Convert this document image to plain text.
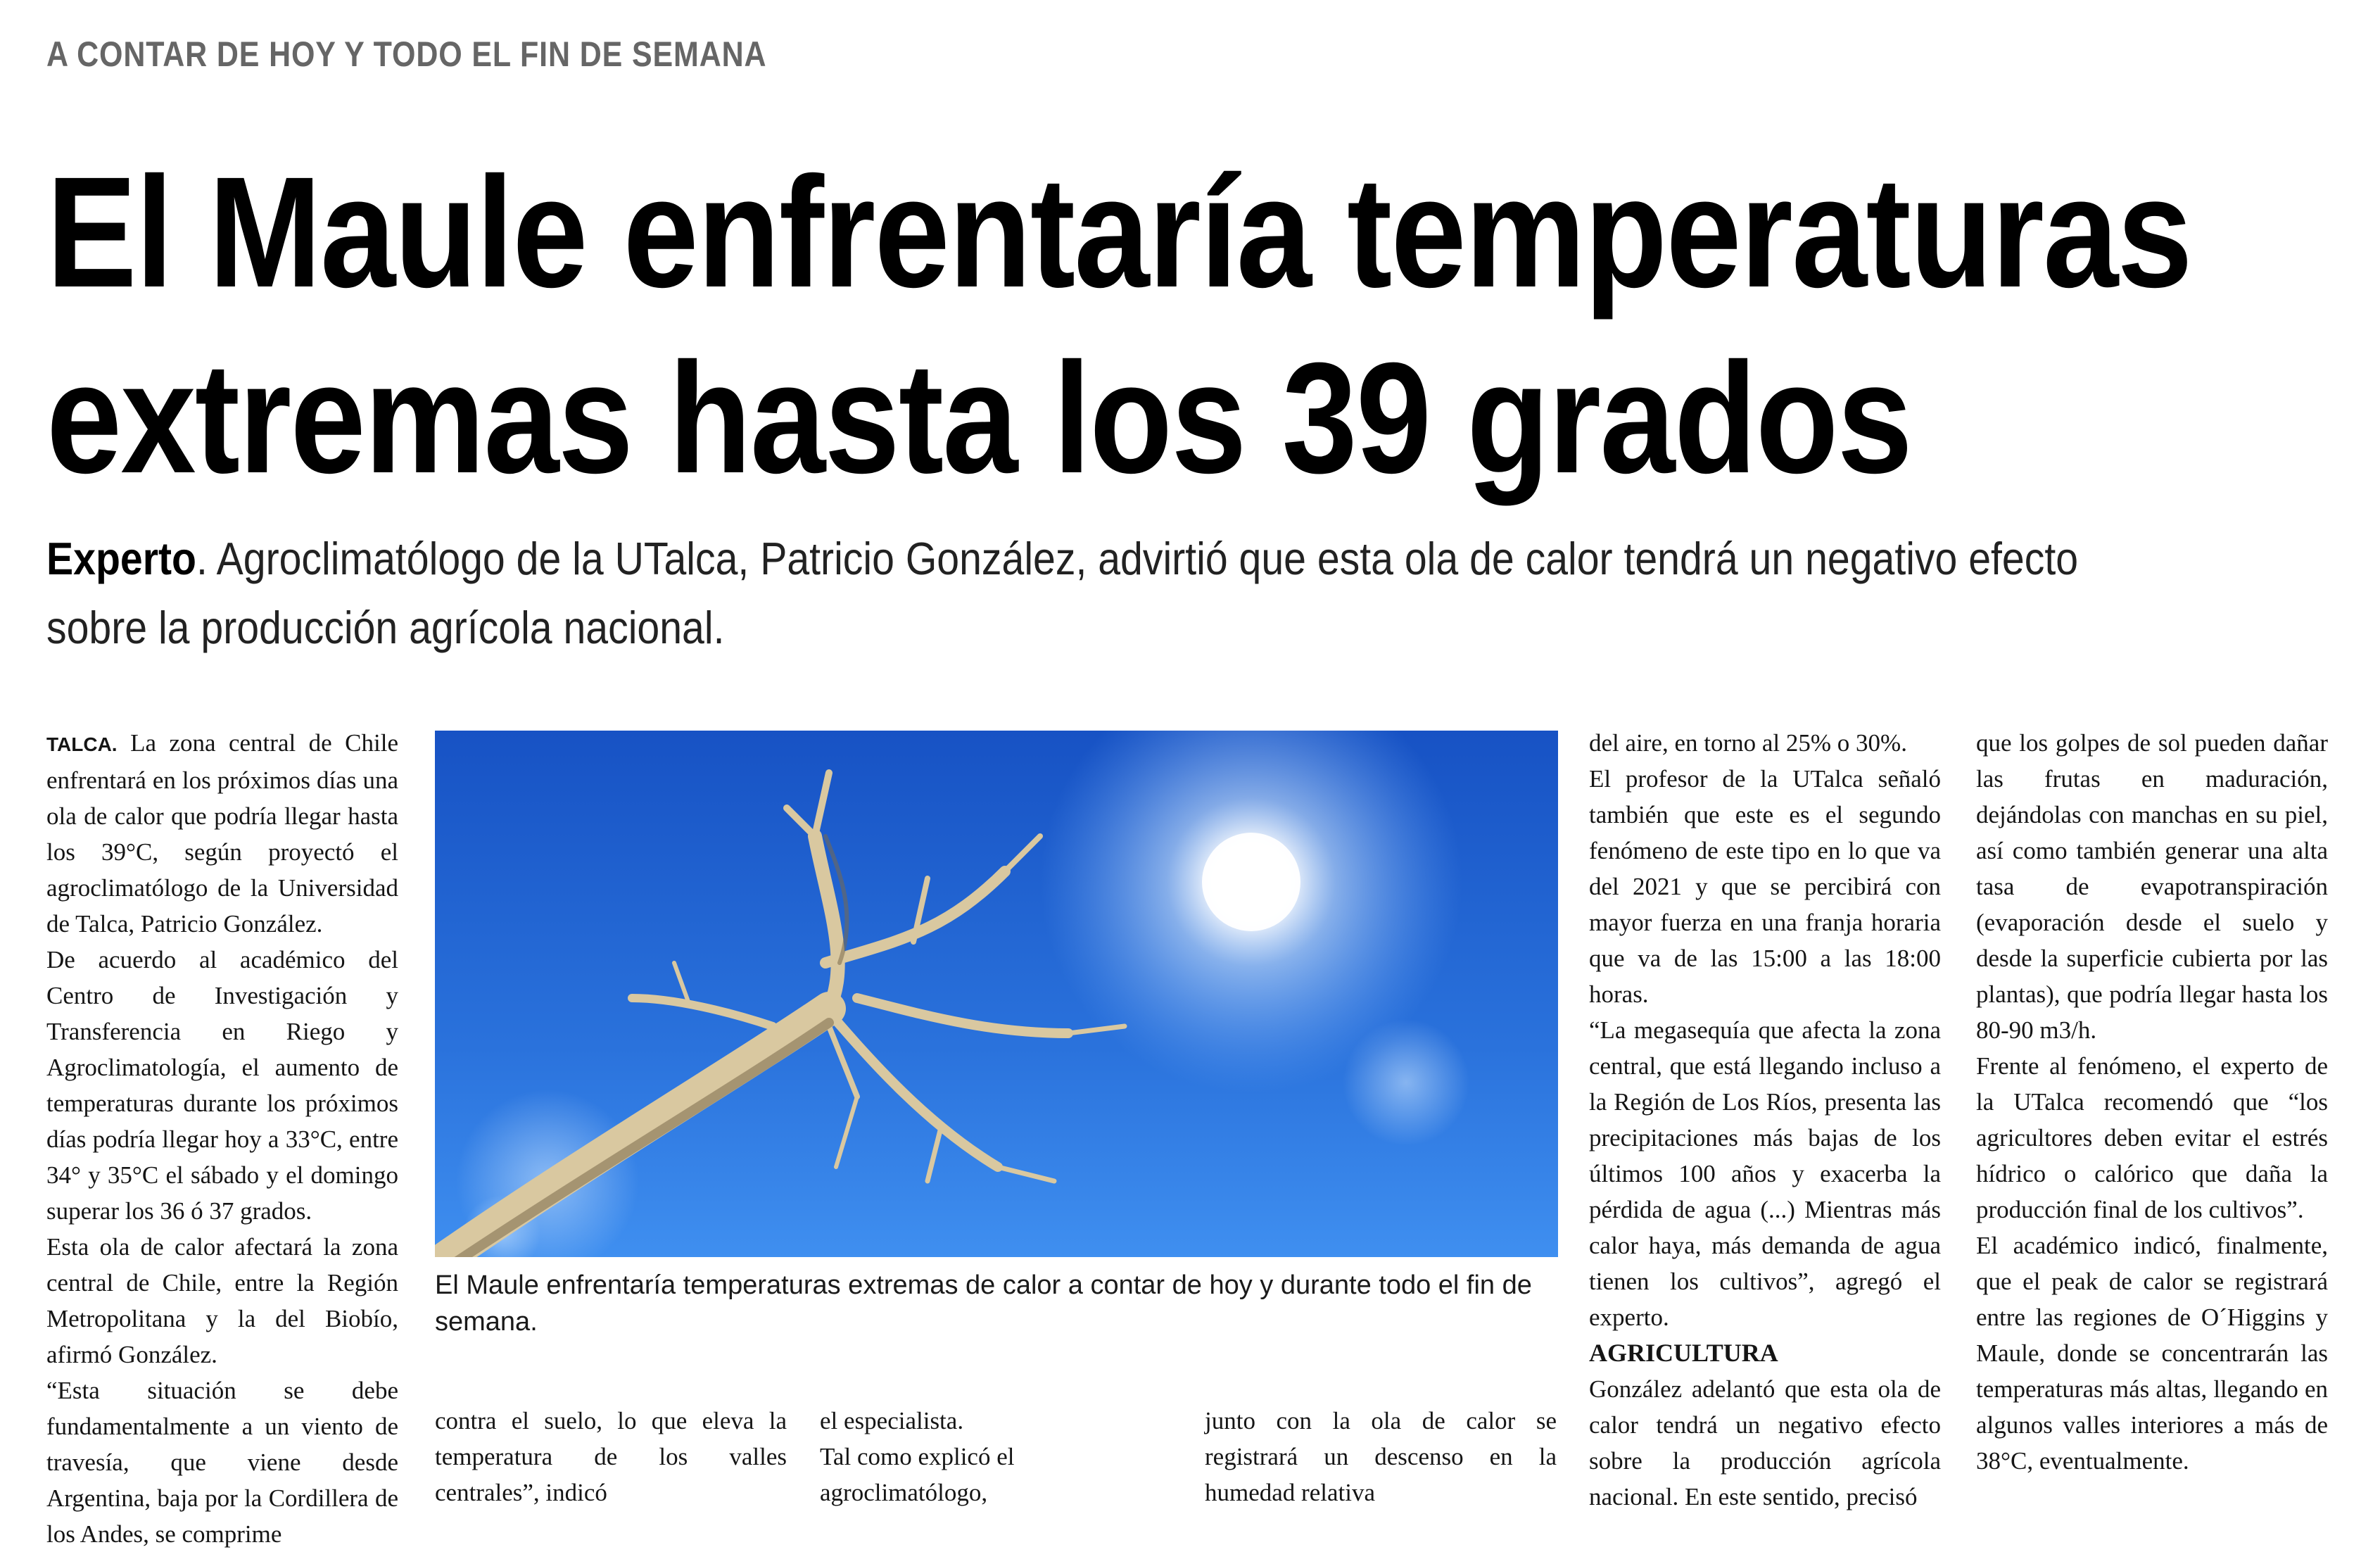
A CONTAR DE HOY Y TODO EL FIN DE SEMANA
El Maule enfrentaría temperaturas
extremas hasta los 39 grados
Experto. Agroclimatólogo de la UTalca, Patricio González, advirtió que esta ola de calor tendrá un negativo efecto sobre la producción agrícola nacional.

TALCA. La zona central de Chile enfrentará en los próximos días una ola de calor que podría llegar hasta los 39°C, según proyectó el agroclimatólogo de la Universidad de Talca, Patricio González.

De acuerdo al académico del Centro de Investigación y Transferencia en Riego y Agroclimatología, el aumento de temperaturas durante los próximos días podría llegar hoy a 33°C, entre 34° y 35°C el sábado y el domingo superar los 36 ó 37 grados.

Esta ola de calor afectará la zona central de Chile, entre la Región Metropolitana y la del Biobío, afirmó González.

“Esta situación se debe fundamentalmente a un viento de travesía, que viene desde Argentina, baja por la Cordillera de los Andes, se comprime

El Maule enfrentaría temperaturas extremas de calor a contar de hoy y durante todo el fin de semana.

contra el suelo, lo que eleva la temperatura de los valles centrales”, indicó

el especialista.

Tal como explicó el agroclimatólogo,

junto con la ola de calor se registrará un descenso en la humedad relativa

del aire, en torno al 25% o 30%.

El profesor de la UTalca señaló también que este es el segundo fenómeno de este tipo en lo que va del 2021 y que se percibirá con mayor fuerza en una franja horaria que va de las 15:00 a las 18:00 horas.

“La megasequía que afecta la zona central, que está llegando incluso a la Región de Los Ríos, presenta las precipitaciones más bajas de los últimos 100 años y exacerba la pérdida de agua (...) Mientras más calor haya, más demanda de agua tienen los cultivos”, agregó el experto.

AGRICULTURA

González adelantó que esta ola de calor tendrá un negativo efecto sobre la producción agrícola nacional. En este sentido, precisó

que los golpes de sol pueden dañar las frutas en maduración, dejándolas con manchas en su piel, así como también generar una alta tasa de evapotranspiración (evaporación desde el suelo y desde la superficie cubierta por las plantas), que podría llegar hasta los 80-90 m3/h.

Frente al fenómeno, el experto de la UTalca recomendó que “los agricultores deben evitar el estrés hídrico o calórico que daña la producción final de los cultivos”.

El académico indicó, finalmente, que el peak de calor se registrará entre las regiones de O´Higgins y Maule, donde se concentrarán las temperaturas más altas, llegando en algunos valles interiores a más de 38°C, eventualmente.
